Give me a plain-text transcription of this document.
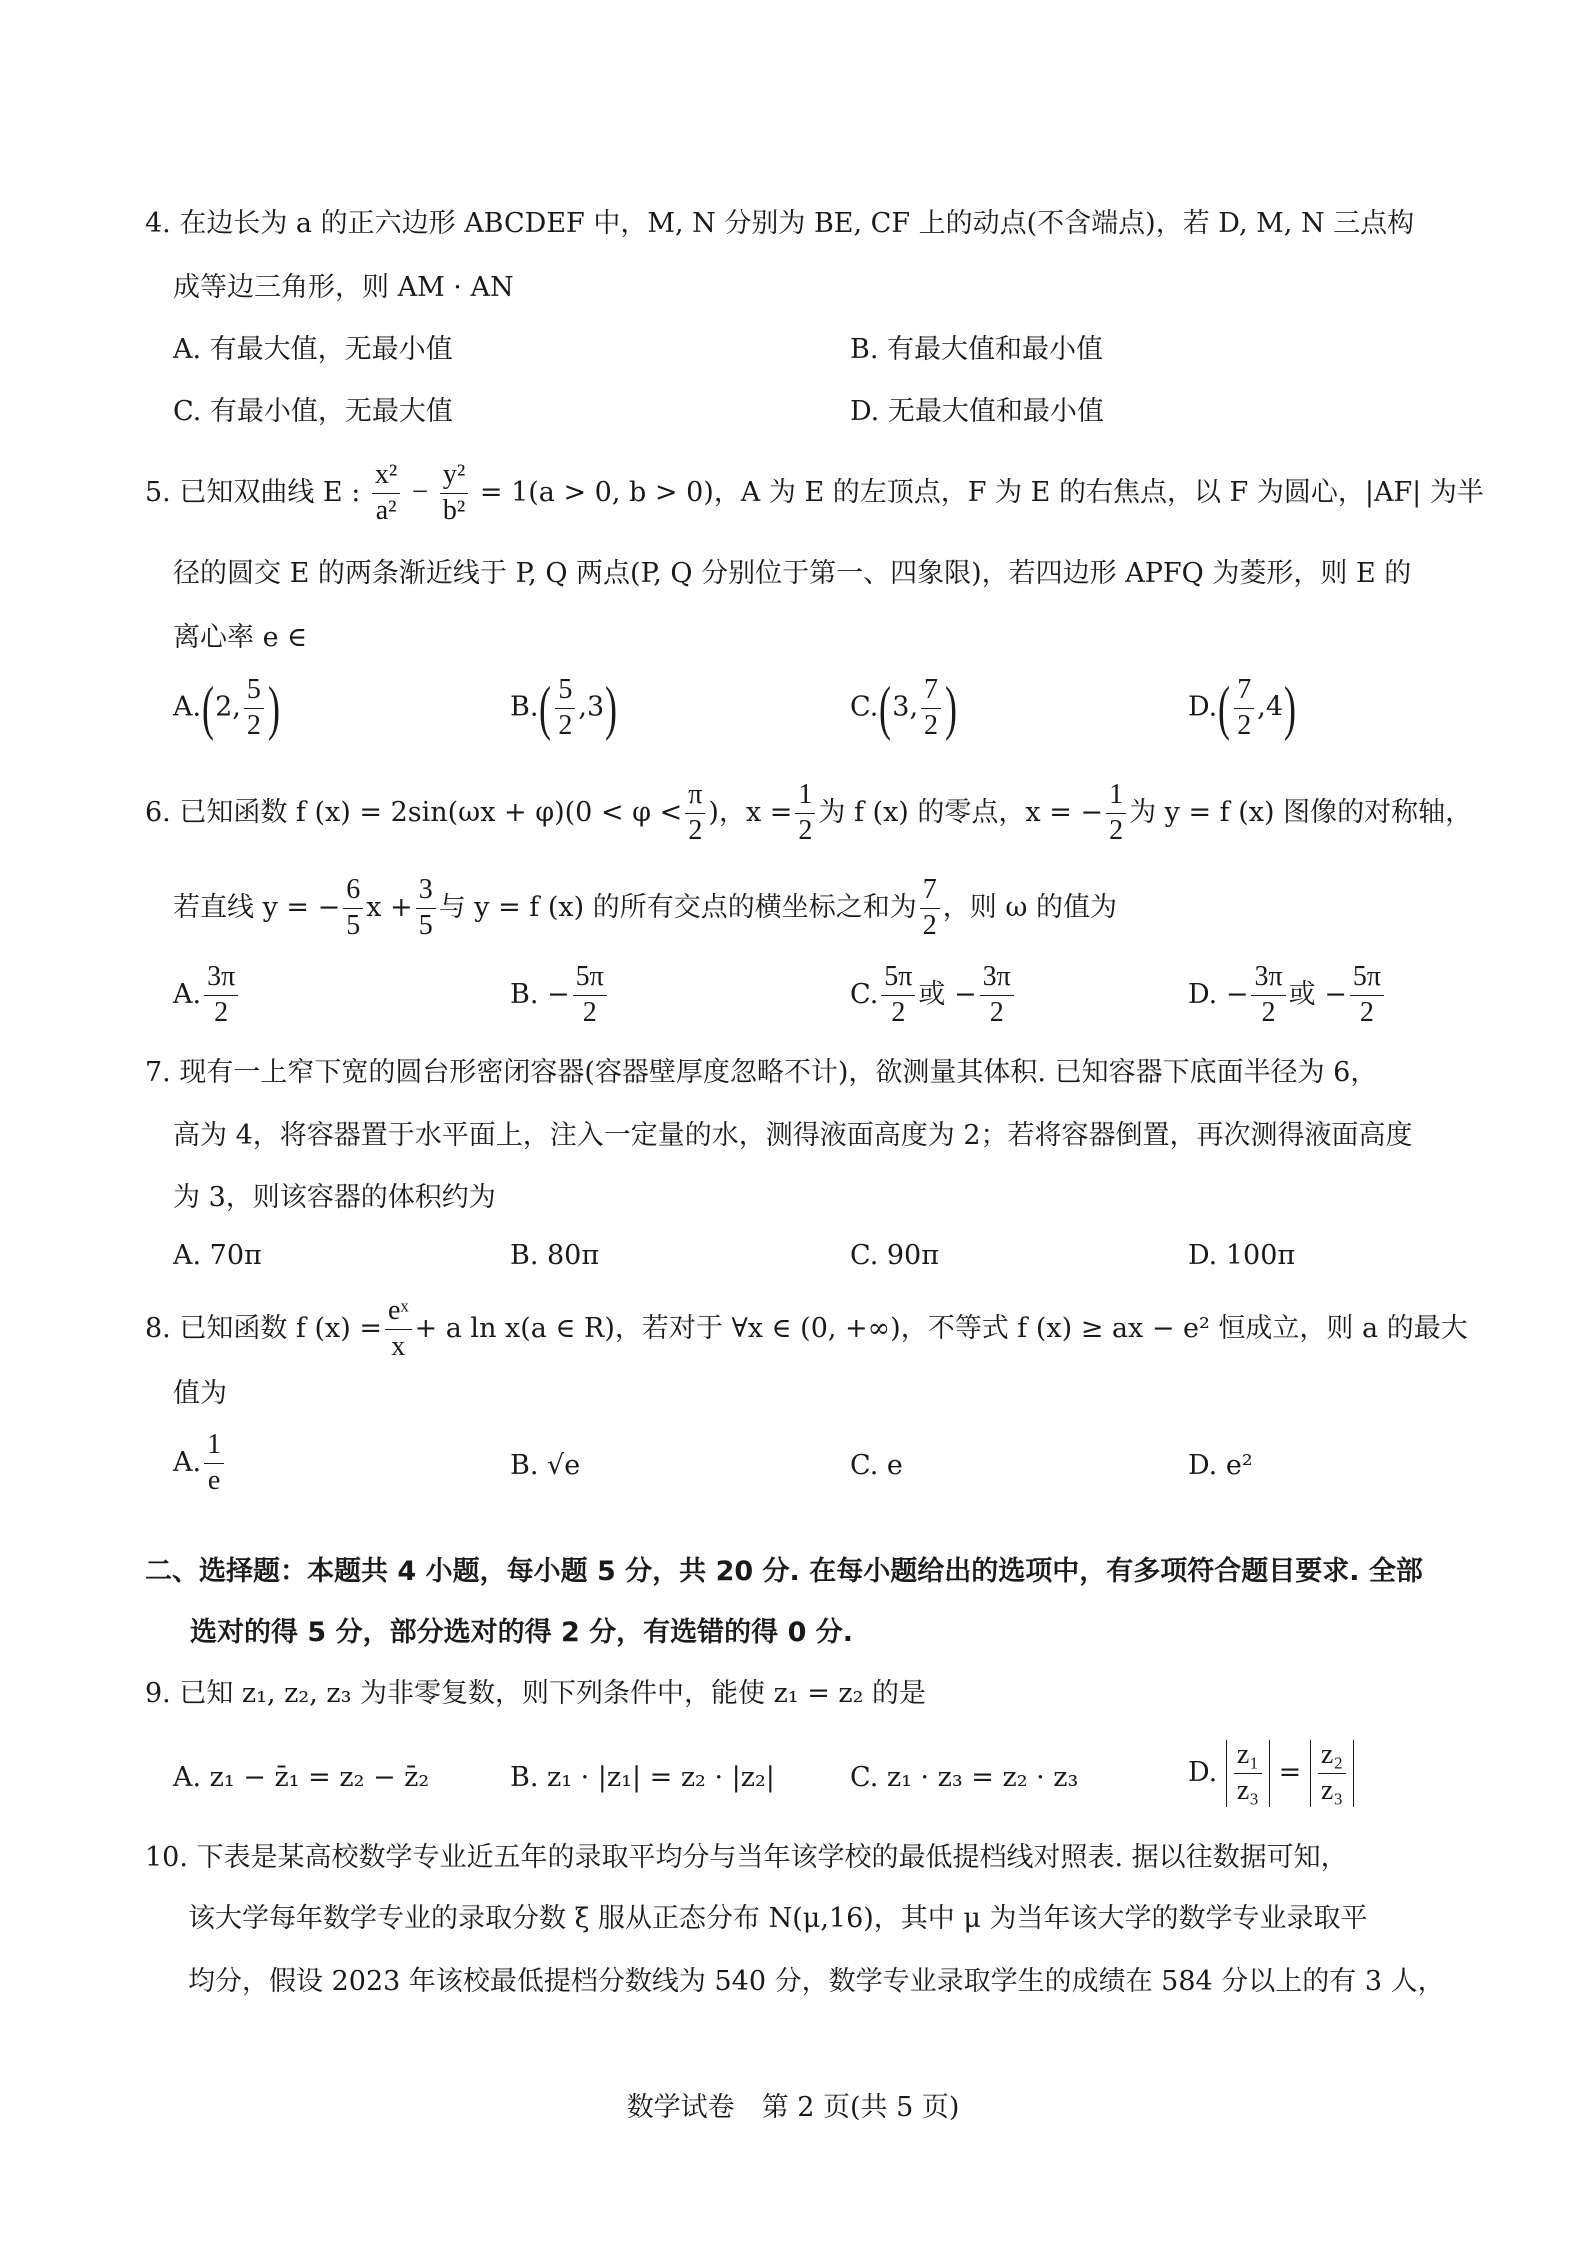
4. 在边长为 a 的正六边形 ABCDEF 中，M, N 分别为 BE, CF 上的动点(不含端点)，若 D, M, N 三点构
成等边三角形，则 AM · AN
A. 有最大值，无最小值	B. 有最大值和最小值
C. 有最小值，无最大值	D. 无最大值和最小值
5. 已知双曲线 E : $\frac{\text{x²}}{\text{a²}} - \frac{\text{y²}}{\text{b²}} = 1(a > 0$, b > 0)，A 为 E 的左顶点，F 为 E 的右焦点，以 F 为圆心，|AF| 为半
径的圆交 E 的两条渐近线于 P, Q 两点(P, Q 分别位于第一、四象限)，若四边形 APFQ 为菱形，则 E 的
离心率 e ∈
A.(2, $\frac{5}{2}$ )	$B.( \frac{5}{2} ,3)$	C.(3, $\frac{7}{2}$ )	$D.( \frac{7}{2} ,4)$
6. 已知函数 f $(x) = 2\sin(\omega x + \varphi)(0 < \varphi < \frac{\pi}{2}$ )，$x = \frac{1}{2}$ 为 f (x) 的零点，x = − $\frac{1}{2}$ 为 y = f (x) 图像的对称轴，
若直线 y = − $\frac{6}{5}$ $x + \frac{3}{5}$ 与 y = f (x) 的所有交点的横坐标之和为 $\frac{7}{2}$ ，则 ω 的值为
A. $\frac{3\pi}{2}$	B. − $\frac{5\pi}{2}$	C. $\frac{5\pi}{2}$ 或 − $\frac{3\pi}{2}$	D. − $\frac{3\pi}{2}$ 或 − $\frac{5\pi}{2}$
7. 现有一上窄下宽的圆台形密闭容器(容器壁厚度忽略不计)，欲测量其体积. 已知容器下底面半径为 6，
高为 4，将容器置于水平面上，注入一定量的水，测得液面高度为 2；若将容器倒置，再次测得液面高度
为 3，则该容器的体积约为
A. 70π	B. 80π	C. 90π	D. 100π
8. 已知函数 f $(x) = \frac{\text{eˣ}}{x} + a$ ln x(a ∈ R)，若对于 ∀x ∈ (0, +∞)，不等式 f (x) ≥ ax − e² 恒成立，则 a 的最大
值为
A. $\frac{1}{e}$	B. √e	C. e	D. e²
二、选择题：本题共 4 小题，每小题 5 分，共 20 分. 在每小题给出的选项中，有多项符合题目要求. 全部
选对的得 5 分，部分选对的得 2 分，有选错的得 0 分.
9. 已知 z₁, z₂, z₃ 为非零复数，则下列条件中，能使 z₁ = z₂ 的是
A. z₁ − z̄₁ = z₂ − z̄₂	B. z₁ · |z₁| = z₂ · |z₂|	C. z₁ · z₃ = z₂ · z₃	D. $\frac{\text{z₁}}{\text{z₃}} = \frac{\text{z₂}}{\text{z₃}}$
10. 下表是某高校数学专业近五年的录取平均分与当年该学校的最低提档线对照表. 据以往数据可知，
该大学每年数学专业的录取分数 ξ 服从正态分布 N(μ,16)，其中 μ 为当年该大学的数学专业录取平
均分，假设 2023 年该校最低提档分数线为 540 分，数学专业录取学生的成绩在 584 分以上的有 3 人，
数学试卷　第 2 页(共 5 页)
